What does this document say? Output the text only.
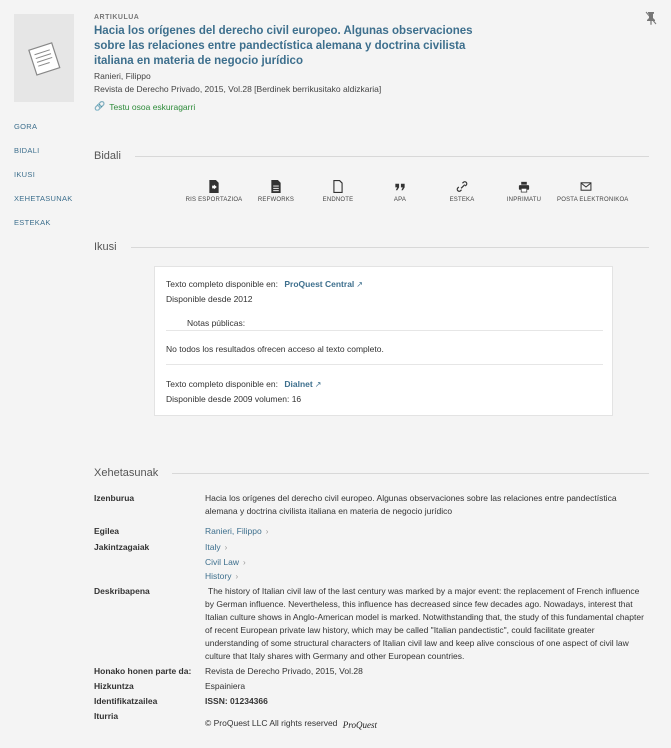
ARTIKULUA
Hacia los orígenes del derecho civil europeo. Algunas observaciones sobre las relaciones entre pandectística alemana y doctrina civilista italiana en materia de negocio jurídico
Ranieri, Filippo
Revista de Derecho Privado, 2015, Vol.28 [Berdinek berrikusitako aldizkaria]
🔗 Testu osoa eskuragarri
GORA
BIDALI
IKUSI
XEHETASUNAK
ESTEKAK
Bidali
RIS ESPORTAZIOA	REFWORKS	ENDNOTE	APA	ESTEKA	INPRIMATU	POSTA ELEKTRONIKOA
Ikusi
Texto completo disponible en: ProQuest Central ↗
Disponible desde 2012
Notas públicas:
No todos los resultados ofrecen acceso al texto completo.
Texto completo disponible en: Dialnet ↗
Disponible desde 2009 volumen: 16
Xehetasunak
Izenburua	Hacia los orígenes del derecho civil europeo. Algunas observaciones sobre las relaciones entre pandectística alemana y doctrina civilista italiana en materia de negocio jurídico
Egilea	Ranieri, Filippo ›
Jakintzagaiak	Italy ›
Civil Law ›
History ›
Deskribapena	The history of Italian civil law of the last century was marked by a major event: the replacement of French influence by German influence. Nevertheless, this influence has decreased since few decades ago. Nowadays, interest that Italian culture shows in Anglo-American model is marked. Notwithstanding that, the study of this fundamental chapter of recent European private law history, which may be called "Italian pandectistic", could facilitate greater understanding of some structural characters of Italian civil law and keep alive conscious of one aspect of civil law culture that Italy shares with Germany and other European countries.
Honako honen parte da:	Revista de Derecho Privado, 2015, Vol.28
Hizkuntza	Espainiera
Identifikatzailea	ISSN: 01234366
Iturria
© ProQuest LLC All rights reserved ProQuest
